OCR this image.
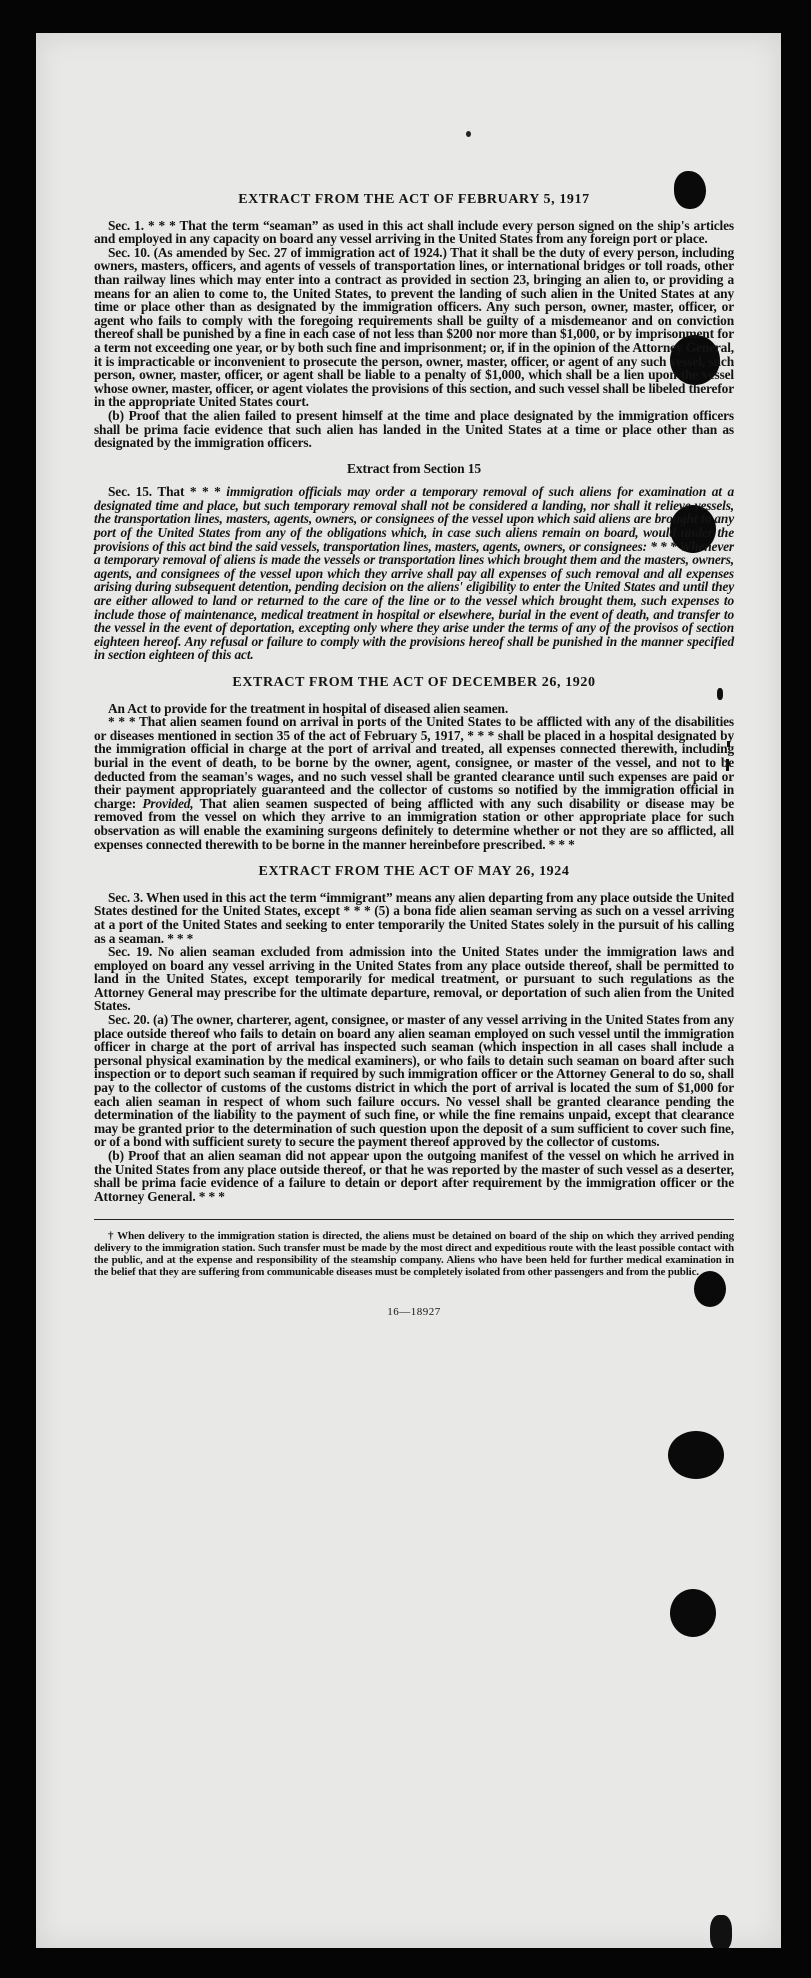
EXTRACT FROM THE ACT OF FEBRUARY 5, 1917

Sec. 1. * * * That the term “seaman” as used in this act shall include every person signed on the ship's articles and employed in any capacity on board any vessel arriving in the United States from any foreign port or place.

Sec. 10. (As amended by Sec. 27 of immigration act of 1924.) That it shall be the duty of every person, including owners, masters, officers, and agents of vessels of transportation lines, or international bridges or toll roads, other than railway lines which may enter into a contract as provided in section 23, bringing an alien to, or providing a means for an alien to come to, the United States, to prevent the landing of such alien in the United States at any time or place other than as designated by the immigration officers. Any such person, owner, master, officer, or agent who fails to comply with the foregoing requirements shall be guilty of a misdemeanor and on conviction thereof shall be punished by a fine in each case of not less than $200 nor more than $1,000, or by imprisonment for a term not exceeding one year, or by both such fine and imprisonment; or, if in the opinion of the Attorney General, it is impracticable or inconvenient to prosecute the person, owner, master, officer, or agent of any such vessel, such person, owner, master, officer, or agent shall be liable to a penalty of $1,000, which shall be a lien upon the vessel whose owner, master, officer, or agent violates the provisions of this section, and such vessel shall be libeled therefor in the appropriate United States court.

(b) Proof that the alien failed to present himself at the time and place designated by the immigration officers shall be prima facie evidence that such alien has landed in the United States at a time or place other than as designated by the immigration officers.

Extract from Section 15

Sec. 15. That * * * immigration officials may order a temporary removal of such aliens for examination at a designated time and place, but such temporary removal shall not be considered a landing, nor shall it relieve vessels, the transportation lines, masters, agents, owners, or consignees of the vessel upon which said aliens are brought to any port of the United States from any of the obligations which, in case such aliens remain on board, would under the provisions of this act bind the said vessels, transportation lines, masters, agents, owners, or consignees: * * * Whenever a temporary removal of aliens is made the vessels or transportation lines which brought them and the masters, owners, agents, and consignees of the vessel upon which they arrive shall pay all expenses of such removal and all expenses arising during subsequent detention, pending decision on the aliens' eligibility to enter the United States and until they are either allowed to land or returned to the care of the line or to the vessel which brought them, such expenses to include those of maintenance, medical treatment in hospital or elsewhere, burial in the event of death, and transfer to the vessel in the event of deportation, excepting only where they arise under the terms of any of the provisos of section eighteen hereof. Any refusal or failure to comply with the provisions hereof shall be punished in the manner specified in section eighteen of this act.

EXTRACT FROM THE ACT OF DECEMBER 26, 1920

An Act to provide for the treatment in hospital of diseased alien seamen.

* * * That alien seamen found on arrival in ports of the United States to be afflicted with any of the disabilities or diseases mentioned in section 35 of the act of February 5, 1917, * * * shall be placed in a hospital designated by the immigration official in charge at the port of arrival and treated, all expenses connected therewith, including burial in the event of death, to be borne by the owner, agent, consignee, or master of the vessel, and not to be deducted from the seaman's wages, and no such vessel shall be granted clearance until such expenses are paid or their payment appropriately guaranteed and the collector of customs so notified by the immigration official in charge: Provided, That alien seamen suspected of being afflicted with any such disability or disease may be removed from the vessel on which they arrive to an immigration station or other appropriate place for such observation as will enable the examining surgeons definitely to determine whether or not they are so afflicted, all expenses connected therewith to be borne in the manner hereinbefore prescribed. * * *

EXTRACT FROM THE ACT OF MAY 26, 1924

Sec. 3. When used in this act the term “immigrant” means any alien departing from any place outside the United States destined for the United States, except * * * (5) a bona fide alien seaman serving as such on a vessel arriving at a port of the United States and seeking to enter temporarily the United States solely in the pursuit of his calling as a seaman. * * *

Sec. 19. No alien seaman excluded from admission into the United States under the immigration laws and employed on board any vessel arriving in the United States from any place outside thereof, shall be permitted to land in the United States, except temporarily for medical treatment, or pursuant to such regulations as the Attorney General may prescribe for the ultimate departure, removal, or deportation of such alien from the United States.

Sec. 20. (a) The owner, charterer, agent, consignee, or master of any vessel arriving in the United States from any place outside thereof who fails to detain on board any alien seaman employed on such vessel until the immigration officer in charge at the port of arrival has inspected such seaman (which inspection in all cases shall include a personal physical examination by the medical examiners), or who fails to detain such seaman on board after such inspection or to deport such seaman if required by such immigration officer or the Attorney General to do so, shall pay to the collector of customs of the customs district in which the port of arrival is located the sum of $1,000 for each alien seaman in respect of whom such failure occurs. No vessel shall be granted clearance pending the determination of the liability to the payment of such fine, or while the fine remains unpaid, except that clearance may be granted prior to the determination of such question upon the deposit of a sum sufficient to cover such fine, or of a bond with sufficient surety to secure the payment thereof approved by the collector of customs.

(b) Proof that an alien seaman did not appear upon the outgoing manifest of the vessel on which he arrived in the United States from any place outside thereof, or that he was reported by the master of such vessel as a deserter, shall be prima facie evidence of a failure to detain or deport after requirement by the immigration officer or the Attorney General. * * *

† When delivery to the immigration station is directed, the aliens must be detained on board of the ship on which they arrived pending delivery to the immigration station. Such transfer must be made by the most direct and expeditious route with the least possible contact with the public, and at the expense and responsibility of the steamship company. Aliens who have been held for further medical examination in the belief that they are suffering from communicable diseases must be completely isolated from other passengers and from the public.

16—18927
